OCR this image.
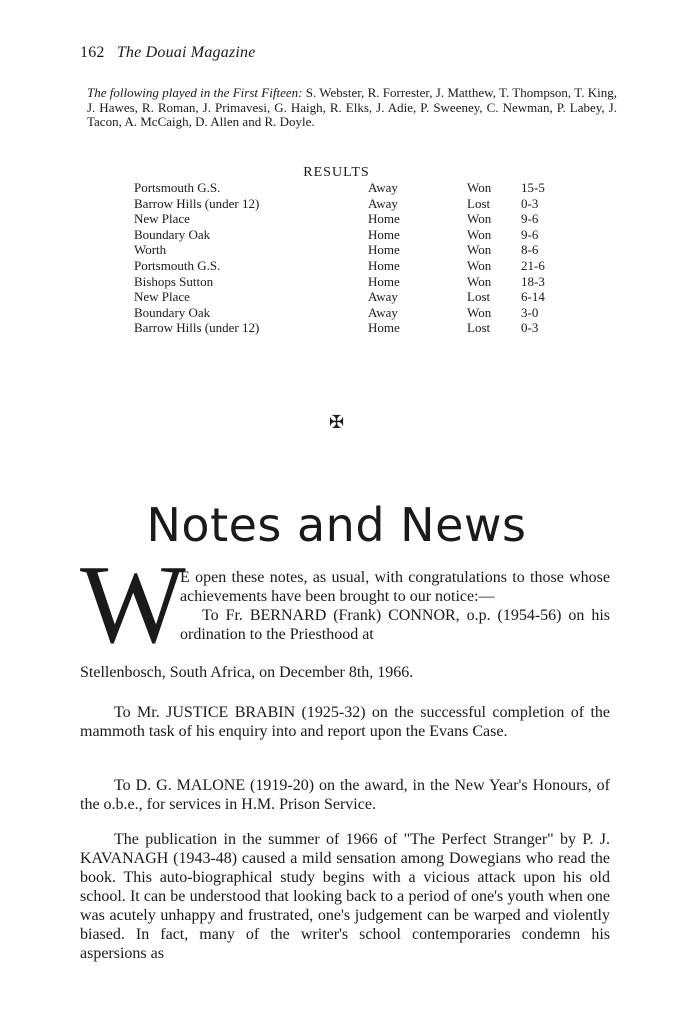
162 The Douai Magazine
The following played in the First Fifteen: S. Webster, R. Forrester, J. Matthew, T. Thompson, T. King, J. Hawes, R. Roman, J. Primavesi, G. Haigh, R. Elks, J. Adie, P. Sweeney, C. Newman, P. Labey, J. Tacon, A. McCaigh, D. Allen and R. Doyle.
RESULTS
Portsmouth G.S.	Away	Won 15-5
Barrow Hills (under 12)	Away	Lost 0-3
New Place	Home	Won 9-6
Boundary Oak	Home	Won 9-6
Worth	Home	Won 8-6
Portsmouth G.S.	Home	Won 21-6
Bishops Sutton	Home	Won 18-3
New Place	Away	Lost 6-14
Boundary Oak	Away	Won 3-0
Barrow Hills (under 12)	Home	Lost 0-3
✠
Notes and News
W

E open these notes, as usual, with congratulations to those whose achievements have been brought to our notice:—

To Fr. BERNARD (Frank) CONNOR, o.p. (1954-56) on his ordination to the Priesthood at

Stellenbosch, South Africa, on December 8th, 1966.

To Mr. JUSTICE BRABIN (1925-32) on the successful completion of the mammoth task of his enquiry into and report upon the Evans Case.

To D. G. MALONE (1919-20) on the award, in the New Year's Honours, of the o.b.e., for services in H.M. Prison Service.

The publication in the summer of 1966 of "The Perfect Stranger" by P. J. KAVANAGH (1943-48) caused a mild sensation among Dowegians who read the book. This auto-biographical study begins with a vicious attack upon his old school. It can be understood that looking back to a period of one's youth when one was acutely unhappy and frustrated, one's judgement can be warped and violently biased. In fact, many of the writer's school contemporaries condemn his aspersions as
